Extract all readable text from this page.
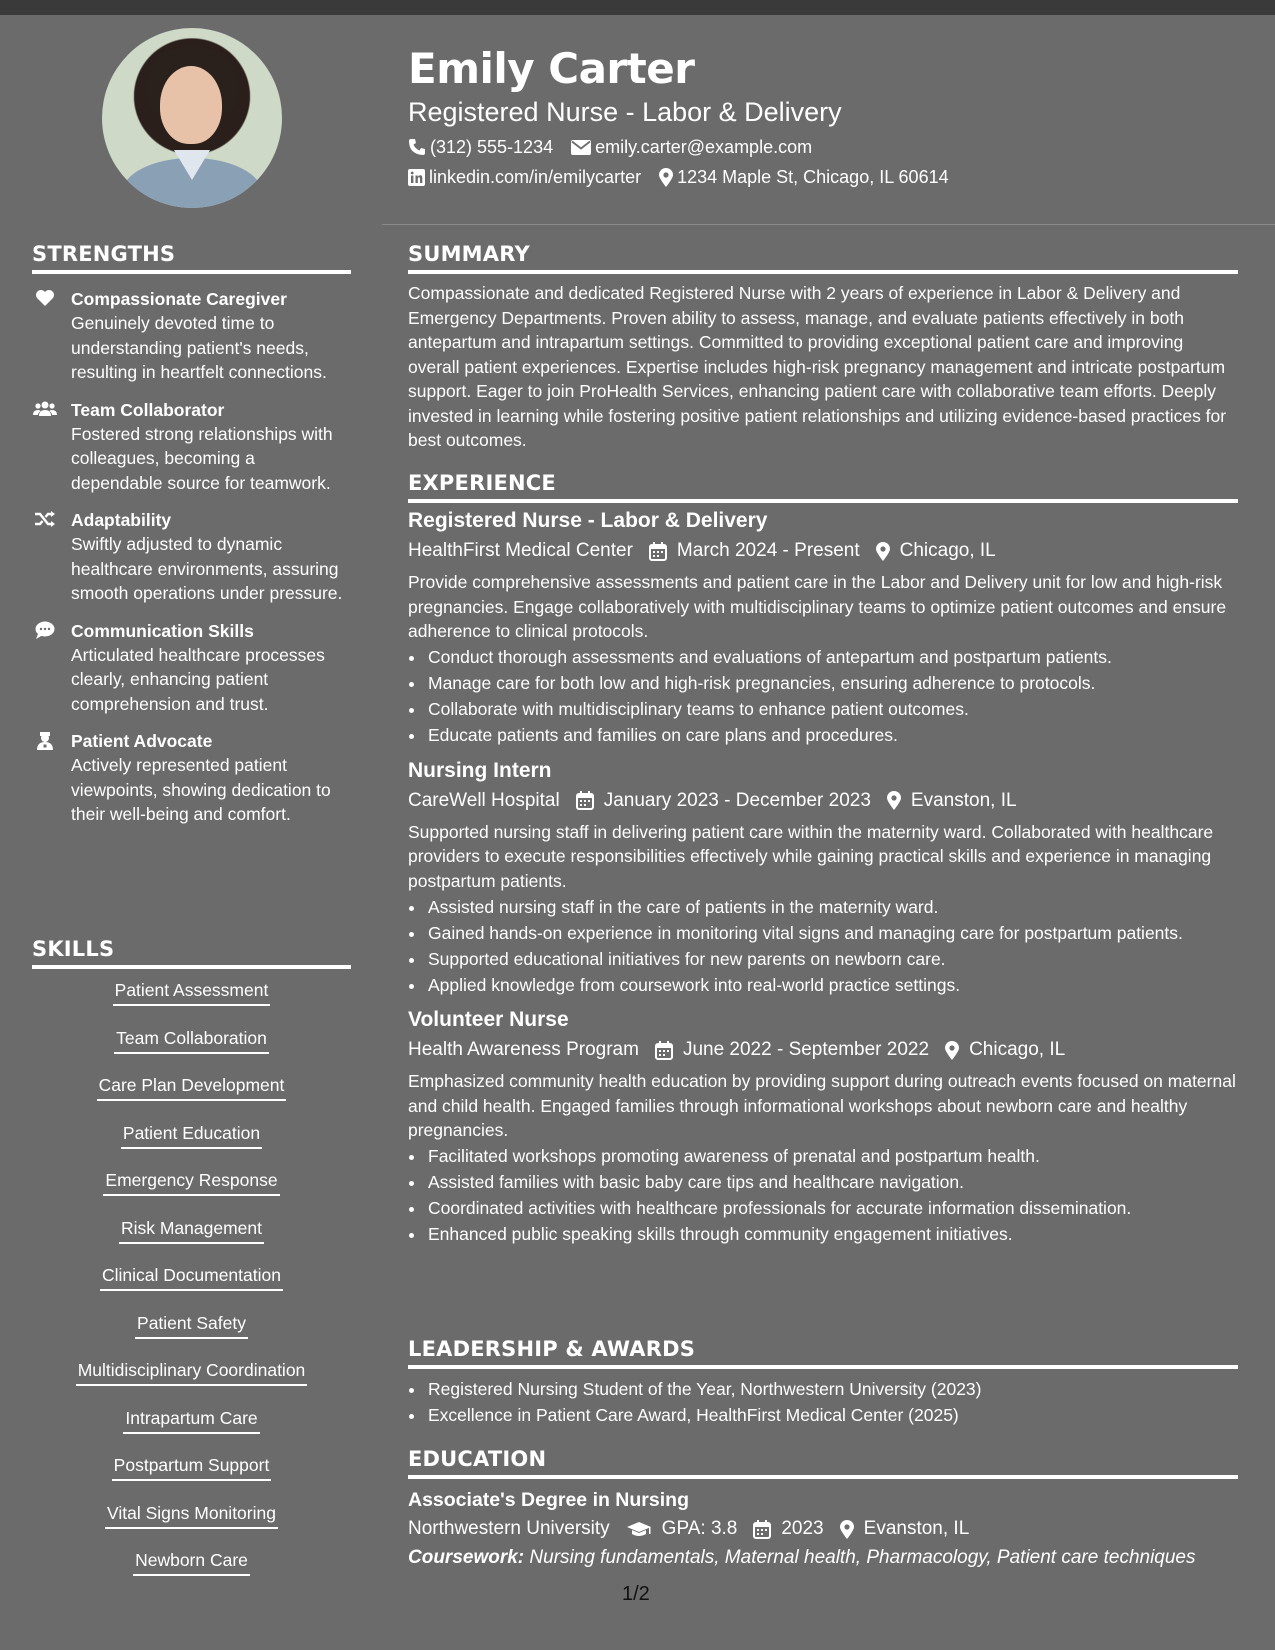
STRENGTHS
Compassionate Caregiver
Genuinely devoted time to understanding patient's needs, resulting in heartfelt connections.
Team Collaborator
Fostered strong relationships with colleagues, becoming a dependable source for teamwork.
Adaptability
Swiftly adjusted to dynamic healthcare environments, assuring smooth operations under pressure.
Communication Skills
Articulated healthcare processes clearly, enhancing patient comprehension and trust.
Patient Advocate
Actively represented patient viewpoints, showing dedication to their well-being and comfort.
SKILLS
Patient Assessment
Team Collaboration
Care Plan Development
Patient Education
Emergency Response
Risk Management
Clinical Documentation
Patient Safety
Multidisciplinary Coordination
Intrapartum Care
Postpartum Support
Vital Signs Monitoring
Newborn Care
Emily Carter
Registered Nurse - Labor & Delivery
(312) 555-1234 emily.carter@example.com
linkedin.com/in/emilycarter 1234 Maple St, Chicago, IL 60614
SUMMARY
Compassionate and dedicated Registered Nurse with 2 years of experience in Labor & Delivery and Emergency Departments. Proven ability to assess, manage, and evaluate patients effectively in both antepartum and intrapartum settings. Committed to providing exceptional patient care and improving overall patient experiences. Expertise includes high-risk pregnancy management and intricate postpartum support. Eager to join ProHealth Services, enhancing patient care with collaborative team efforts. Deeply invested in learning while fostering positive patient relationships and utilizing evidence-based practices for best outcomes.
EXPERIENCE
Registered Nurse - Labor & Delivery
HealthFirst Medical Center March 2024 - Present Chicago, IL
Provide comprehensive assessments and patient care in the Labor and Delivery unit for low and high-risk pregnancies. Engage collaboratively with multidisciplinary teams to optimize patient outcomes and ensure adherence to clinical protocols.
• Conduct thorough assessments and evaluations of antepartum and postpartum patients.
• Manage care for both low and high-risk pregnancies, ensuring adherence to protocols.
• Collaborate with multidisciplinary teams to enhance patient outcomes.
• Educate patients and families on care plans and procedures.
Nursing Intern
CareWell Hospital January 2023 - December 2023 Evanston, IL
Supported nursing staff in delivering patient care within the maternity ward. Collaborated with healthcare providers to execute responsibilities effectively while gaining practical skills and experience in managing postpartum patients.
• Assisted nursing staff in the care of patients in the maternity ward.
• Gained hands-on experience in monitoring vital signs and managing care for postpartum patients.
• Supported educational initiatives for new parents on newborn care.
• Applied knowledge from coursework into real-world practice settings.
Volunteer Nurse
Health Awareness Program June 2022 - September 2022 Chicago, IL
Emphasized community health education by providing support during outreach events focused on maternal and child health. Engaged families through informational workshops about newborn care and healthy pregnancies.
• Facilitated workshops promoting awareness of prenatal and postpartum health.
• Assisted families with basic baby care tips and healthcare navigation.
• Coordinated activities with healthcare professionals for accurate information dissemination.
• Enhanced public speaking skills through community engagement initiatives.
LEADERSHIP & AWARDS
• Registered Nursing Student of the Year, Northwestern University (2023)
• Excellence in Patient Care Award, HealthFirst Medical Center (2025)
EDUCATION
Associate's Degree in Nursing
Northwestern University	GPA: 3.8 2023 Evanston, IL
Coursework: Nursing fundamentals, Maternal health, Pharmacology, Patient care techniques
1/2
